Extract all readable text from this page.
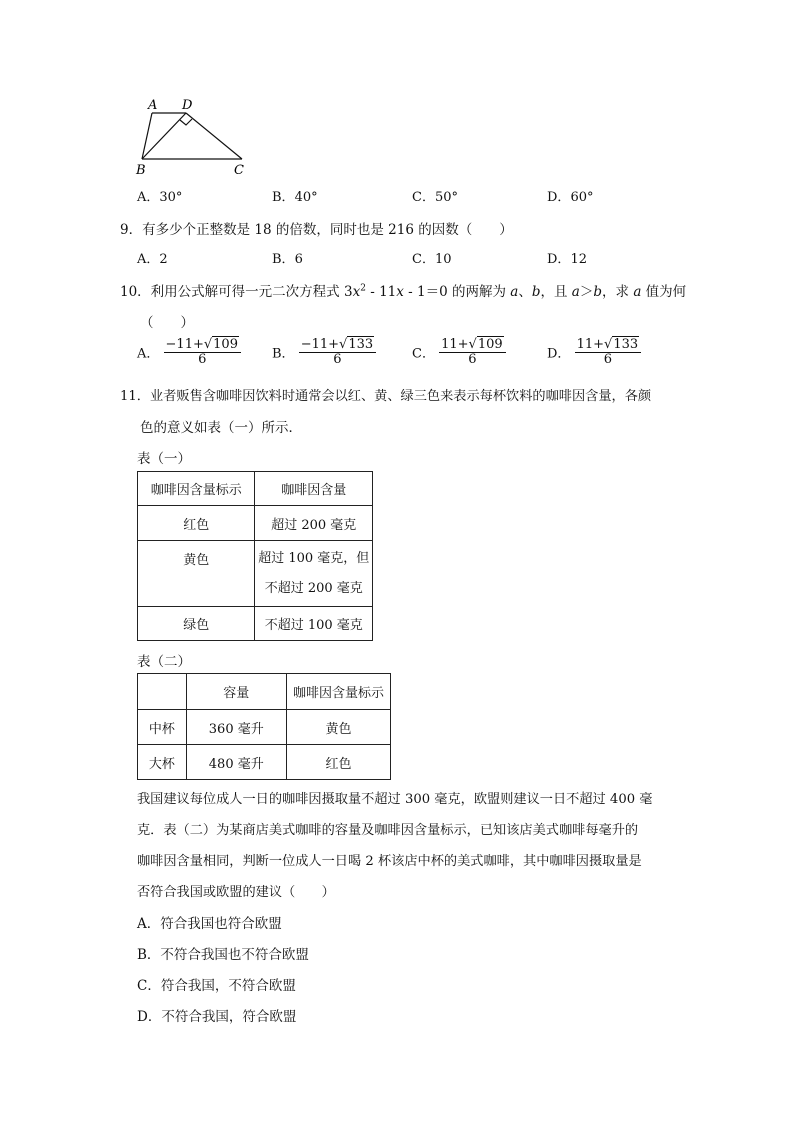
A D
B	C
A．30°	B．40°	C．50°	D．60°
9．有多少个正整数是 18 的倍数，同时也是 216 的因数（　　）
A．2	B．6	C．10	D．12
10．利用公式解可得一元二次方程式 $3x^2 - 11x - 1=0$ 的两解为 a、b，且 a＞b，求 a 值为何
（　　）
A． $\frac{-11+√109}{6}$ B． $\frac{-11+√133}{6}$	C． $\frac{11+√109}{6}$	D． $\frac{11+√133}{6}$
11．业者贩售含咖啡因饮料时通常会以红、黄、绿三色来表示每杯饮料的咖啡因含量，各颜
色的意义如表（一）所示．
表（一）
咖啡因含量标示	咖啡因含量
红色	超过 200 毫克
黄色	超过 100 毫克，但
不超过 200 毫克

绿色	不超过 100 毫克
表（二）
	容量	咖啡因含量标示
中杯	360 毫升	黄色
大杯	480 毫升	红色
我国建议每位成人一日的咖啡因摄取量不超过 300 毫克，欧盟则建议一日不超过 400 毫
克．表（二）为某商店美式咖啡的容量及咖啡因含量标示，已知该店美式咖啡每毫升的
咖啡因含量相同，判断一位成人一日喝 2 杯该店中杯的美式咖啡，其中咖啡因摄取量是
否符合我国或欧盟的建议（　　）
A．符合我国也符合欧盟
B．不符合我国也不符合欧盟
C．符合我国，不符合欧盟
D．不符合我国，符合欧盟
